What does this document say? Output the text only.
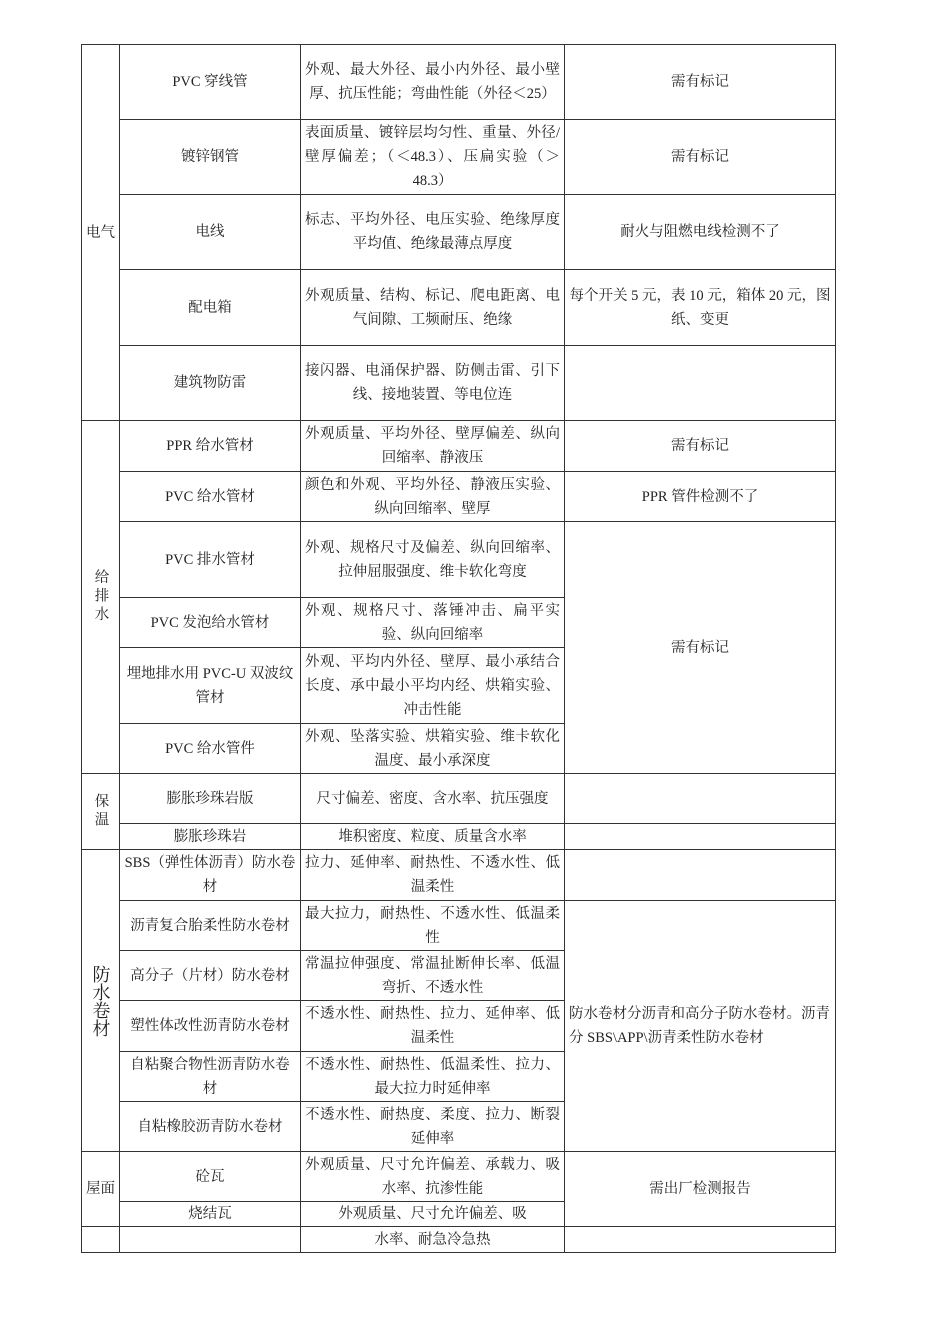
电气	PVC 穿线管	外观、最大外径、最小内外径、最小壁厚、抗压性能；弯曲性能（外径＜25）	需有标记
	镀锌钢管	表面质量、镀锌层均匀性、重量、外径/壁厚偏差；（＜48.3）、压扁实验（＞48.3）	需有标记
	电线	标志、平均外径、电压实验、绝缘厚度平均值、绝缘最薄点厚度	耐火与阻燃电线检测不了
	配电箱	外观质量、结构、标记、爬电距离、电气间隙、工频耐压、绝缘	每个开关 5 元，表 10 元，箱体 20 元，图纸、变更
	建筑物防雷	接闪器、电涌保护器、防侧击雷、引下线、接地装置、等电位连	
给排水	PPR 给水管材	外观质量、平均外径、壁厚偏差、纵向回缩率、静液压	需有标记
	PVC 给水管材	颜色和外观、平均外径、静液压实验、纵向回缩率、壁厚	PPR 管件检测不了
	PVC 排水管材	外观、规格尺寸及偏差、纵向回缩率、拉伸屈服强度、维卡软化弯度	需有标记
	PVC 发泡给水管材	外观、规格尺寸、落锤冲击、扁平实验、纵向回缩率	
	埋地排水用 PVC-U 双波纹管材	外观、平均内外径、壁厚、最小承结合长度、承中最小平均内经、烘箱实验、冲击性能	
	PVC 给水管件	外观、坠落实验、烘箱实验、维卡软化温度、最小承深度	
保温	膨胀珍珠岩版	尺寸偏差、密度、含水率、抗压强度	
	膨胀珍珠岩	堆积密度、粒度、质量含水率	
防水卷材	SBS（弹性体沥青）防水卷材	拉力、延伸率、耐热性、不透水性、低温柔性	
	沥青复合胎柔性防水卷材	最大拉力，耐热性、不透水性、低温柔性	防水卷材分沥青和高分子防水卷材。沥青分 SBS\APP\沥青柔性防水卷材
	高分子（片材）防水卷材	常温拉伸强度、常温扯断伸长率、低温弯折、不透水性	
	塑性体改性沥青防水卷材	不透水性、耐热性、拉力、延伸率、低温柔性	
	自粘聚合物性沥青防水卷材	不透水性、耐热性、低温柔性、拉力、最大拉力时延伸率	
	自粘橡胶沥青防水卷材	不透水性、耐热度、柔度、拉力、断裂延伸率	
屋面	砼瓦	外观质量、尺寸允许偏差、承载力、吸水率、抗渗性能	需出厂检测报告
	烧结瓦	外观质量、尺寸允许偏差、吸	
		水率、耐急冷急热	
